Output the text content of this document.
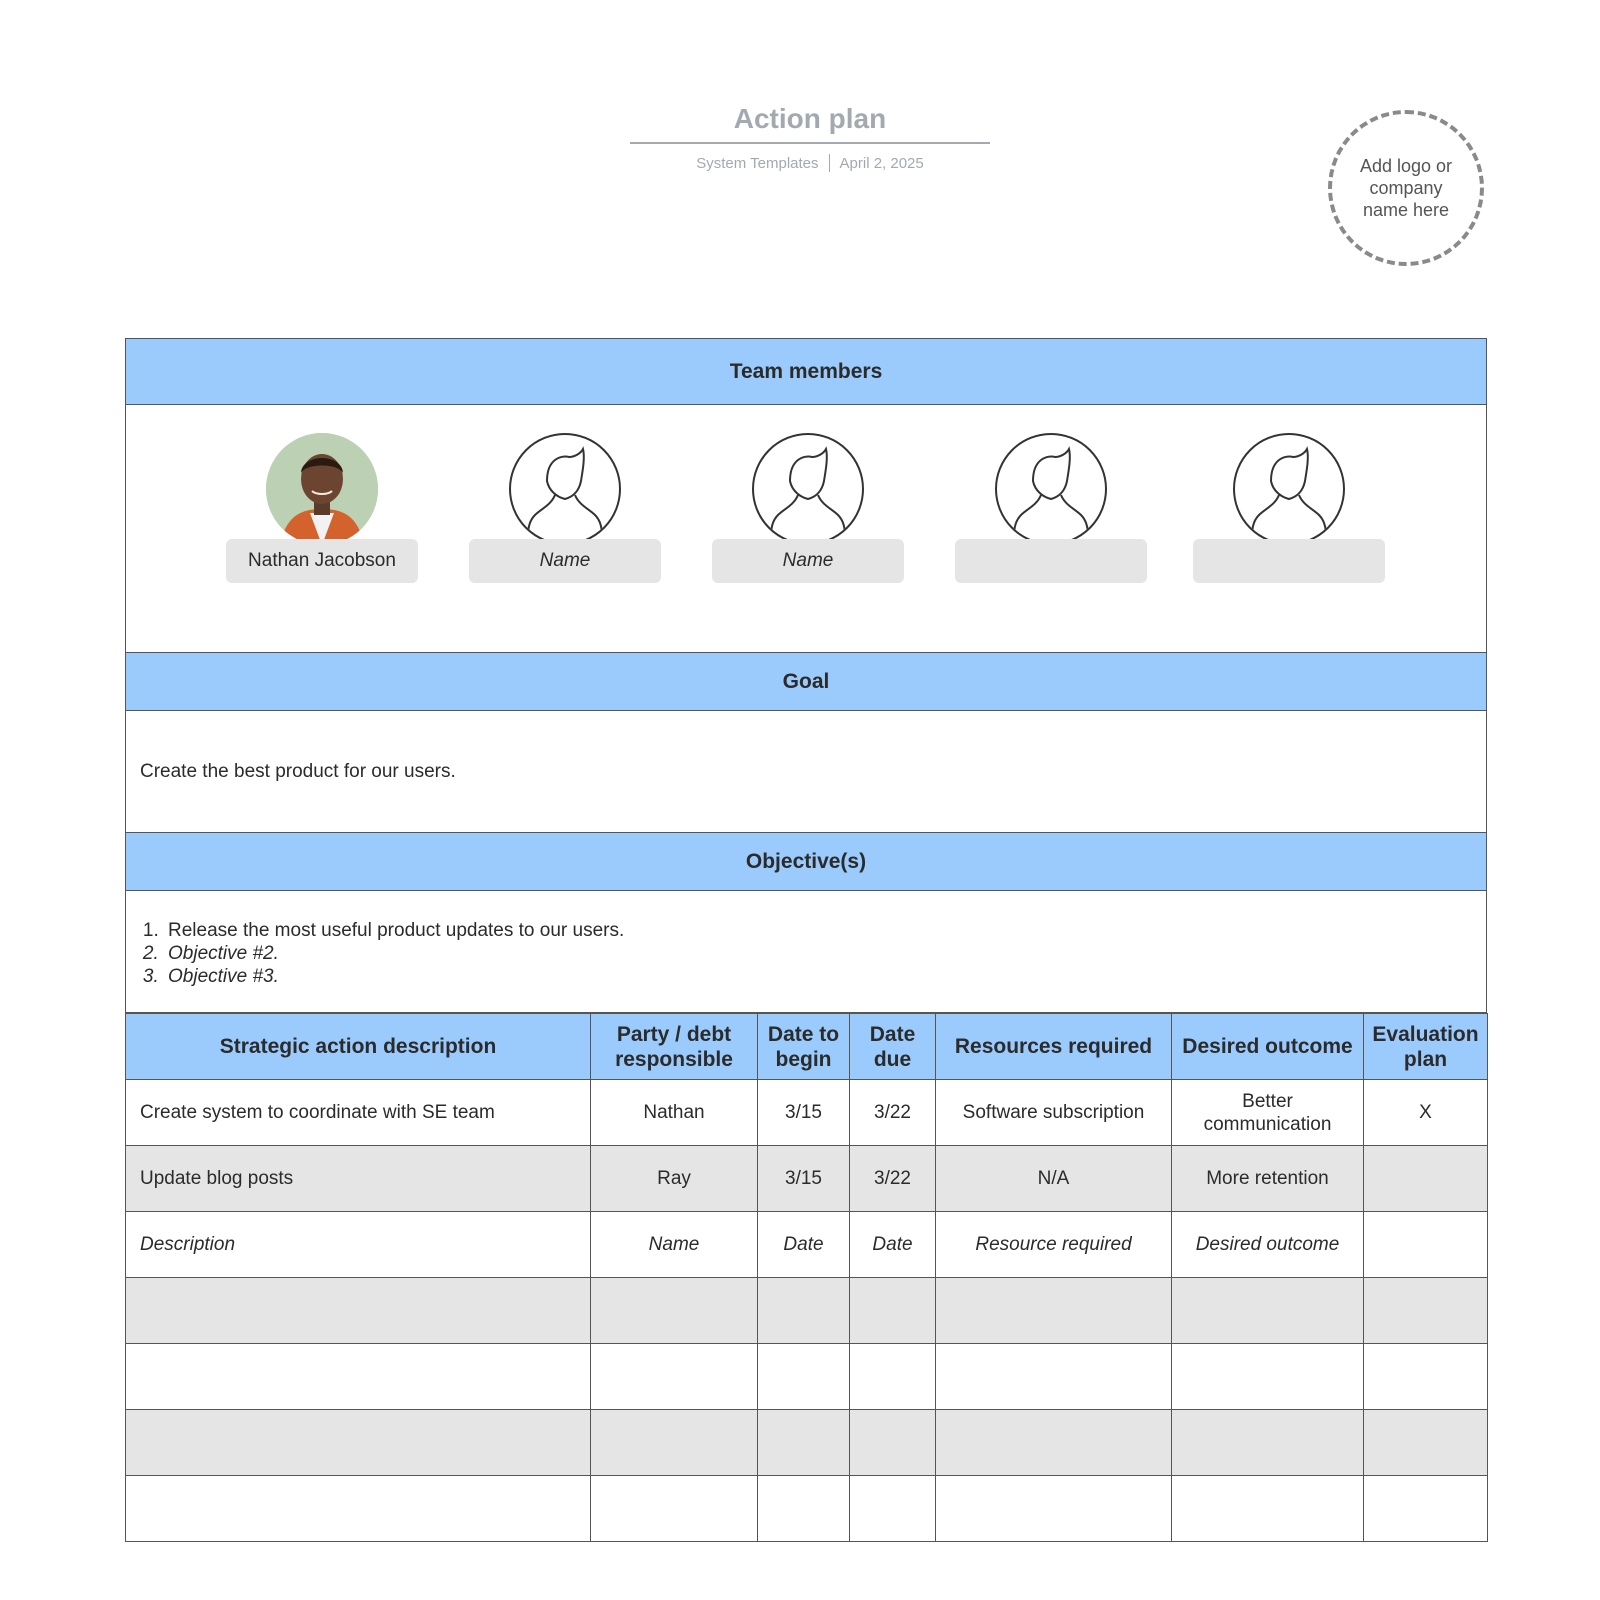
Action plan
System Templates April 2, 2025	Add logo or company name here
Team members
Nathan Jacobson	Name	Name
Goal
Create the best product for our users.
Objective(s)
1. Release the most useful product updates to our users.
2. Objective #2.
3. Objective #3.
Strategic action description	Party / debt responsible	Date to begin	Date due	Resources required	Desired outcome	Evaluation plan
Create system to coordinate with SE team	Nathan	3/15	3/22	Software subscription	Better communication	X
Update blog posts	Ray	3/15	3/22	N/A	More retention	
Description	Name	Date	Date	Resource required	Desired outcome	
